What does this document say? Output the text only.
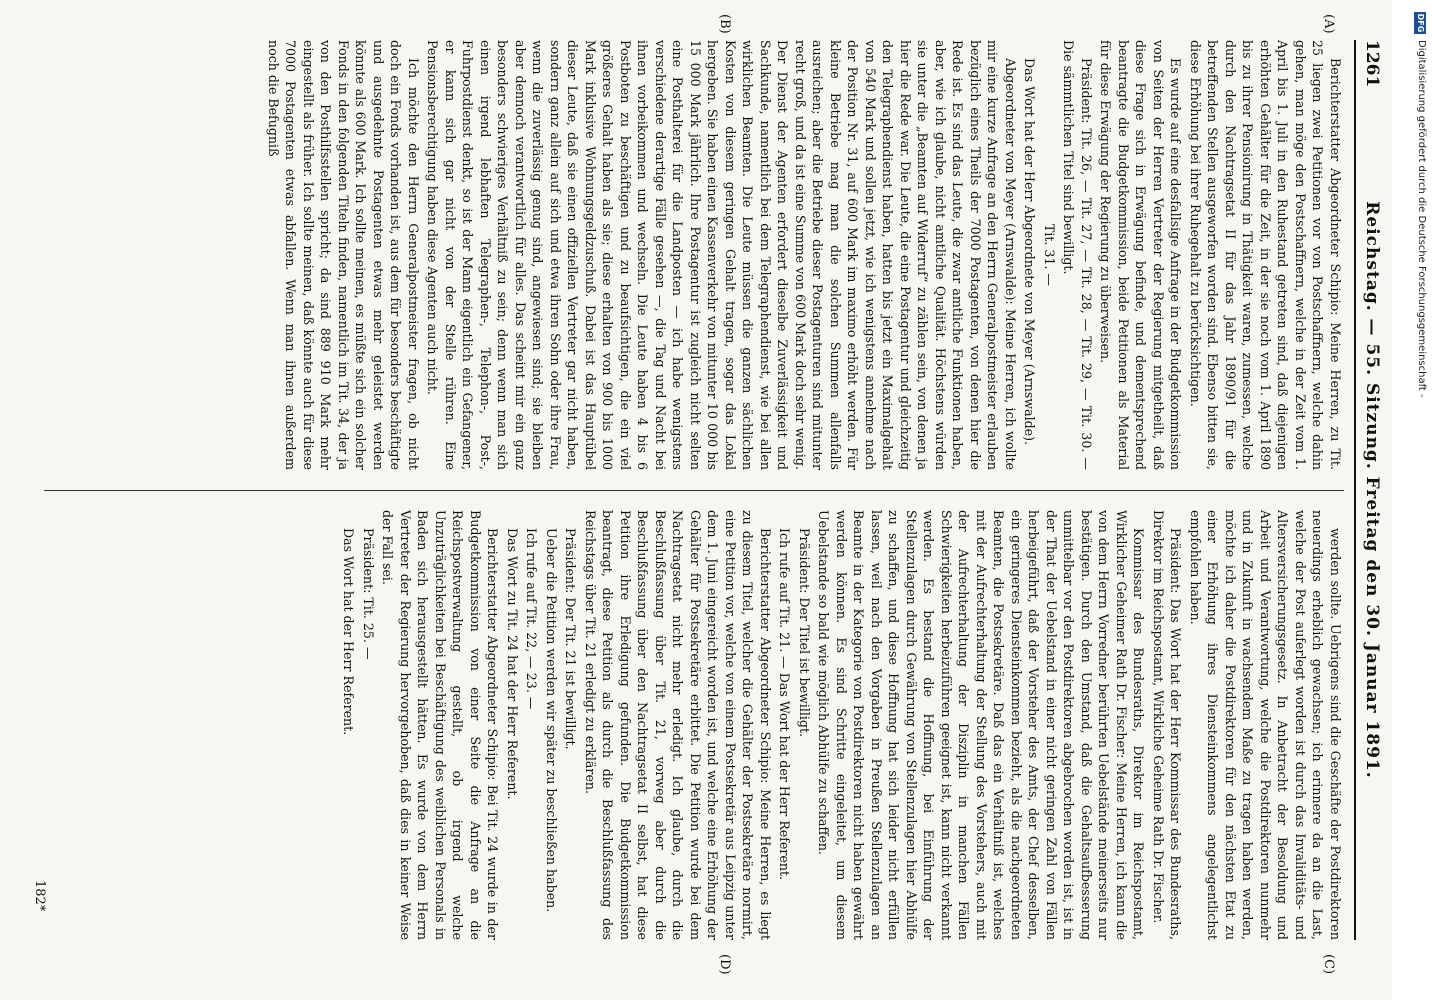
DFG
Digitalisierung gefördert durch die Deutsche Forschungsgemeinschaft -
1261
Reichstag. — 55. Sitzung. Freitag den 30. Januar 1891.
(C)
(D)
(A)
(B)

Berichterstatter Abgeordneter Schipio: Meine Herren, zu Tit. 25 liegen zwei Petitionen vor von Postschaffnern, welche dahin gehen, man möge den Postschaffnern, welche in der Zeit vom 1. April bis 1. Juli in den Ruhestand getreten sind, daß diejenigen erhöhten Gehälter für die Zeit, in der sie noch vom 1. April 1890 bis zu ihrer Pensionirung in Thätigkeit waren, zumessen, welche durch den Nachtragsetat II für das Jahr 1890/91 für die betreffenden Stellen ausgeworfen worden sind. Ebenso bitten sie, diese Erhöhung bei ihrer Ruhegehalt zu berücksichtigen.

Es wurde auf eine desfallsige Anfrage in der Budgetkommission von Seiten der Herren Vertreter der Regierung mitgetheilt, daß diese Frage sich in Erwägung befinde, und dementsprechend beantragte die Budgetkommission, beide Petitionen als Material für diese Erwägung der Regierung zu überweisen.

Präsident: Tit. 26, — Tit. 27, — Tit. 28, — Tit. 29, — Tit. 30. — Die sämmtlichen Titel sind bewilligt.

Tit. 31. —

Das Wort hat der Herr Abgeordnete von Meyer (Arnswalde).

Abgeordneter von Meyer (Arnswalde): Meine Herren, ich wollte mir eine kurze Anfrage an den Herrn Generalpostmeister erlauben bezüglich eines Theils der 7000 Postagenten, von denen hier die Rede ist. Es sind das Leute, die zwar amtliche Funktionen haben, aber, wie ich glaube, nicht amtliche Qualität. Höchstens würden sie unter die „Beamten auf Widerruf“ zu zählen sein, von denen ja hier die Rede war. Die Leute, die eine Postagentur und gleichzeitig den Telegraphendienst haben, hatten bis jetzt ein Maximalgehalt von 540 Mark und sollen jetzt, wie ich wenigstens annehme nach der Position Nr. 31, auf 600 Mark im maximo erhöht werden. Für kleine Betriebe mag man die solchen Summen allenfalls ausreichen; aber die Betriebe dieser Postagenturen sind mitunter recht groß, und da ist eine Summe von 600 Mark doch sehr wenig. Der Dienst der Agenten erfordert dieselbe Zuverlässigkeit und Sachkunde, namentlich bei dem Telegraphendienst, wie bei allen wirklichen Beamten. Die Leute müssen die ganzen sächlichen Kosten von diesem geringen Gehalt tragen, sogar das Lokal hergeben. Sie haben einen Kassenverkehr von mitunter 10 000 bis 15 000 Mark jährlich. Ihre Postagentur ist zugleich nicht selten eine Posthalterei für die Landposten — ich habe wenigstens verschiedene derartige Fälle gesehen —, die Tag und Nacht bei ihnen vorbeikommen und wechseln. Die Leute haben 4 bis 6 Postboten zu beschäftigen und zu beaufsichtigen, die ein viel größeres Gehalt haben als sie; diese erhalten von 900 bis 1000 Mark inklusive Wohnungsgeldzuschuß. Dabei ist das Hauptübel dieser Leute, daß sie einen offiziellen Vertreter gar nicht haben, sondern ganz allein auf sich und etwa ihren Sohn oder ihre Frau, wenn die zuverlässig genug sind, angewiesen sind; sie bleiben aber dennoch verantwortlich für alles. Das scheint mir ein ganz besonders schwieriges Verhältniß zu sein; denn wenn man sich einen irgend lebhaften Telegraphen-, Telephon-, Post-, Fuhrpostdienst denkt, so ist der Mann eigentlich ein Gefangener, er kann sich gar nicht von der Stelle rühren. Eine Pensionsberechtigung haben diese Agenten auch nicht.

Ich möchte den Herrn Generalpostmeister fragen, ob nicht doch ein Fonds vorhanden ist, aus dem für besonders beschäftigte und ausgedehnte Postagenten etwas mehr geleistet werden könnte als 600 Mark. Ich sollte meinen, es müßte sich ein solcher Fonds in den folgenden Titeln finden, namentlich im Tit. 34, der ja von den Posthilfsstellen spricht; da sind 889 910 Mark mehr eingestellt als früher. Ich sollte meinen, daß könnte auch für diese 7000 Postagenten etwas abfallen. Wenn man ihnen außerdem noch die Befugniß

werden sollte. Uebrigens sind die Geschäfte der Postdirektoren neuerdings erheblich gewachsen; ich erinnere da an die Last, welche der Post auferlegt worden ist durch das Invaliditäts- und Altersversicherungsgesetz. In Anbetracht der Besoldung und Arbeit und Verantwortung, welche die Postdirektoren nunmehr und in Zukunft in wachsendem Maße zu tragen haben werden, möchte ich daher die Postdirektoren für den nächsten Etat zu einer Erhöhung ihres Diensteinkommens angelegentlichst empfohlen haben.

Präsident: Das Wort hat der Herr Kommissar des Bundesraths, Direktor im Reichspostamt, Wirkliche Geheime Rath Dr. Fischer.

Kommissar des Bundesraths, Direktor im Reichspostamt, Wirklicher Geheimer Rath Dr. Fischer: Meine Herren, ich kann die von dem Herrn Vorredner berührten Uebelstände meinerseits nur bestätigen. Durch den Umstand, daß die Gehaltsaufbesserung unmittelbar vor den Postdirektoren abgebrochen worden ist, ist in der That der Uebelstand in einer nicht geringen Zahl von Fällen herbeigeführt, daß der Vorsteher des Amts, der Chef desselben, ein geringeres Diensteinkommen bezieht, als die nachgeordneten Beamten, die Postsekretäre. Daß das ein Verhältniß ist, welches mit der Aufrechterhaltung der Stellung des Vorstehers, auch mit der Aufrechterhaltung der Disziplin in manchen Fällen Schwierigkeiten herbeizuführen geeignet ist, kann nicht verkannt werden. Es bestand die Hoffnung, bei Einführung der Stellenzulagen durch Gewährung von Stellenzulagen hier Abhülfe zu schaffen, und diese Hoffnung hat sich leider nicht erfüllen lassen, weil nach den Vorgaben in Preußen Stellenzulagen an Beamte in der Kategorie von Postdirektoren nicht haben gewährt werden können. Es sind Schritte eingeleitet, um diesem Uebelstande so bald wie möglich Abhülfe zu schaffen.

Präsident: Der Titel ist bewilligt.

Ich rufe auf Tit. 21. — Das Wort hat der Herr Referent.

Berichterstatter Abgeordneter Schipio: Meine Herren, es liegt zu diesem Titel, welcher die Gehälter der Postsekretäre normirt, eine Petition vor, welche von einem Postsekretär aus Leipzig unter dem 1. Juni eingereicht worden ist, und welche eine Erhöhung der Gehälter für Postsekretäre erbittet. Die Petition wurde bei dem Nachtragsetat nicht mehr erledigt. Ich glaube, durch die Beschlußfassung über Tit. 21, vorweg aber durch die Beschlußfassung über den Nachtragsetat II selbst, hat diese Petition ihre Erledigung gefunden. Die Budgetkommission beantragt, diese Petition als durch die Beschlußfassung des Reichstags über Tit. 21 erledigt zu erklären.

Präsident: Der Tit. 21 ist bewilligt.

Ueber die Petition werden wir später zu beschließen haben.

Ich rufe auf Tit. 22, — 23. —

Das Wort zu Tit. 24 hat der Herr Referent.

Berichterstatter Abgeordneter Schipio: Bei Tit. 24 wurde in der Budgetkommission von einer Seite die Anfrage an die Reichspostverwaltung gestellt, ob irgend welche Unzuträglichkeiten bei Beschäftigung des weiblichen Personals in Baden sich herausgestellt hätten. Es wurde von dem Herrn Vertreter der Regierung hervorgehoben, daß dies in keiner Weise der Fall sei.

Präsident: Tit. 25. —

Das Wort hat der Herr Referent.

182*
